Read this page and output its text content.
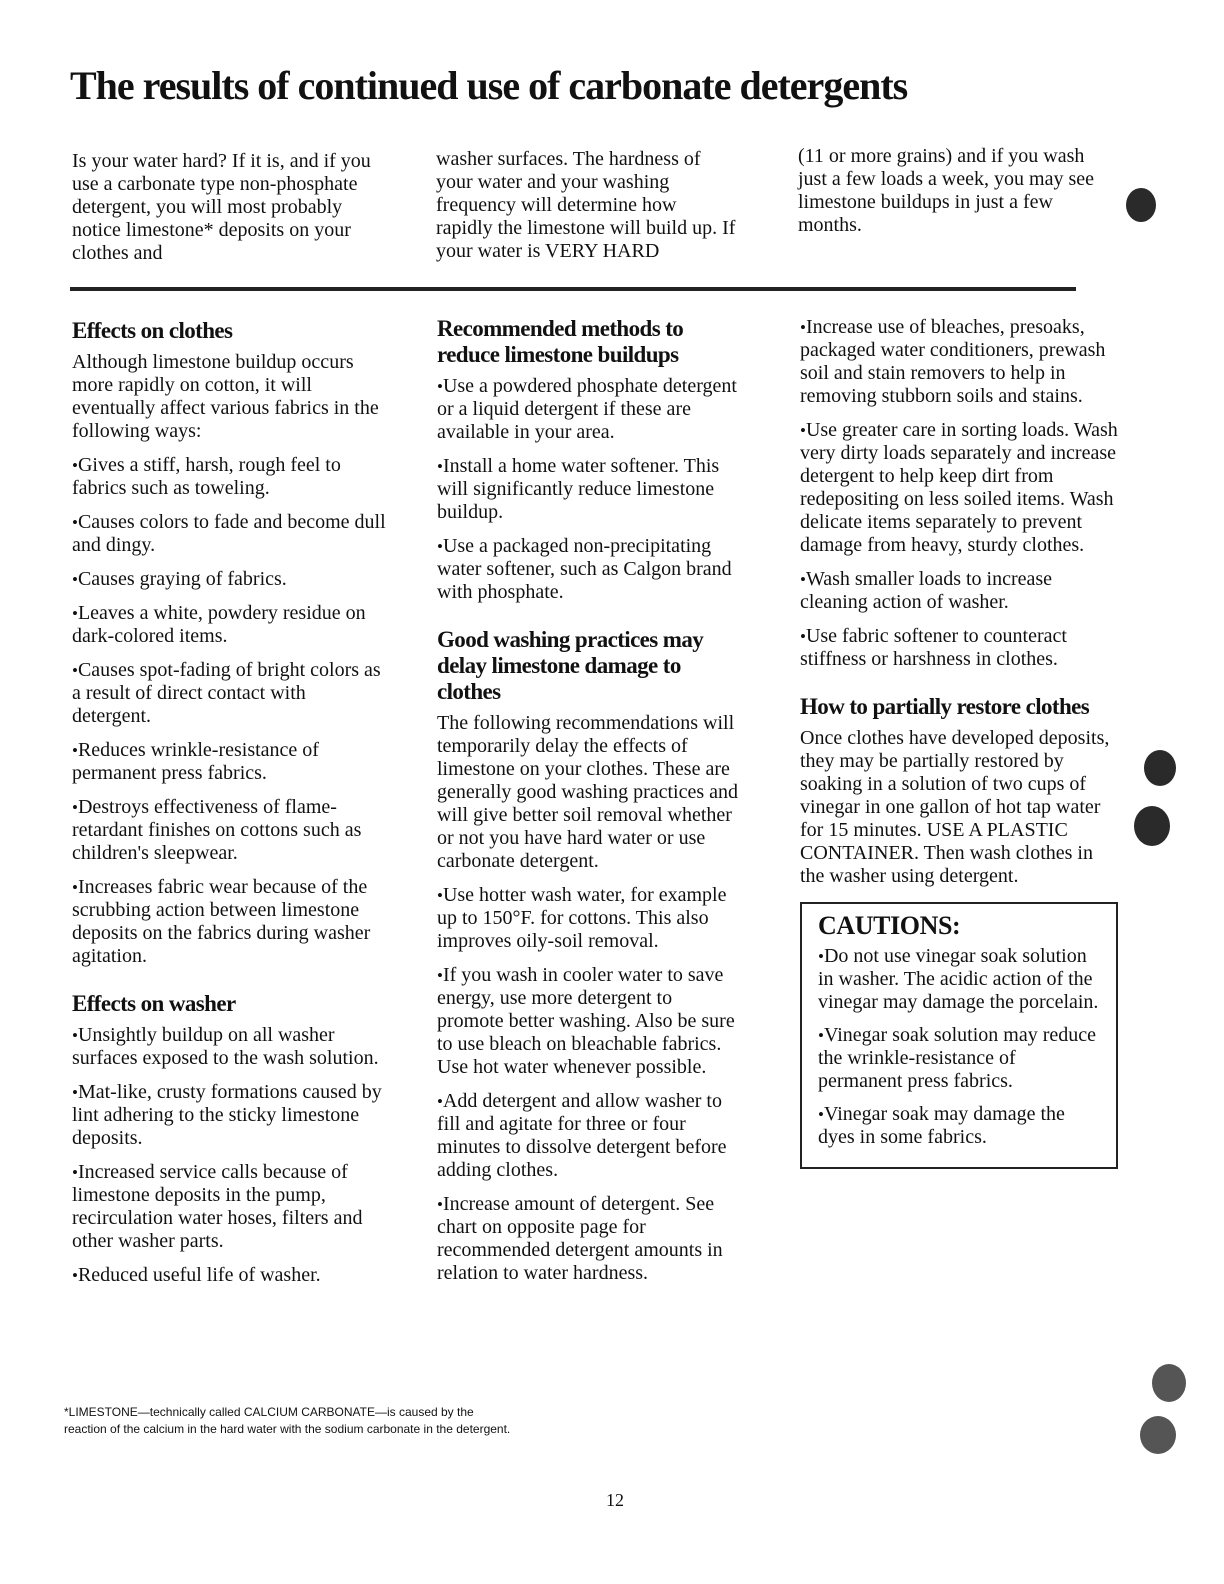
The results of continued use of carbonate detergents

Is your water hard? If it is, and if you use a carbonate type non-phosphate detergent, you will most probably notice limestone* deposits on your clothes and

washer surfaces. The hardness of your water and your washing frequency will determine how rapidly the limestone will build up. If your water is VERY HARD

(11 or more grains) and if you wash just a few loads a week, you may see limestone buildups in just a few months.

Effects on clothes

Although limestone buildup occurs more rapidly on cotton, it will eventually affect various fabrics in the following ways:

• Gives a stiff, harsh, rough feel to fabrics such as toweling.

• Causes colors to fade and become dull and dingy.

• Causes graying of fabrics.

• Leaves a white, powdery residue on dark-colored items.

• Causes spot-fading of bright colors as a result of direct contact with detergent.

• Reduces wrinkle-resistance of permanent press fabrics.

• Destroys effectiveness of flame-retardant finishes on cottons such as children's sleepwear.

• Increases fabric wear because of the scrubbing action between limestone deposits on the fabrics during washer agitation.

Effects on washer

• Unsightly buildup on all washer surfaces exposed to the wash solution.

• Mat-like, crusty formations caused by lint adhering to the sticky limestone deposits.

• Increased service calls because of limestone deposits in the pump, recirculation water hoses, filters and other washer parts.

• Reduced useful life of washer.

Recommended methods to reduce limestone buildups

• Use a powdered phosphate detergent or a liquid detergent if these are available in your area.

• Install a home water softener. This will significantly reduce limestone buildup.

• Use a packaged non-precipitating water softener, such as Calgon brand with phosphate.

Good washing practices may delay limestone damage to clothes

The following recommendations will temporarily delay the effects of limestone on your clothes. These are generally good washing practices and will give better soil removal whether or not you have hard water or use carbonate detergent.

• Use hotter wash water, for example up to 150°F. for cottons. This also improves oily-soil removal.

• If you wash in cooler water to save energy, use more detergent to promote better washing. Also be sure to use bleach on bleachable fabrics. Use hot water whenever possible.

• Add detergent and allow washer to fill and agitate for three or four minutes to dissolve detergent before adding clothes.

• Increase amount of detergent. See chart on opposite page for recommended detergent amounts in relation to water hardness.

• Increase use of bleaches, presoaks, packaged water conditioners, prewash soil and stain removers to help in removing stubborn soils and stains.

• Use greater care in sorting loads. Wash very dirty loads separately and increase detergent to help keep dirt from redepositing on less soiled items. Wash delicate items separately to prevent damage from heavy, sturdy clothes.

• Wash smaller loads to increase cleaning action of washer.

• Use fabric softener to counteract stiffness or harshness in clothes.

How to partially restore clothes

Once clothes have developed deposits, they may be partially restored by soaking in a solution of two cups of vinegar in one gallon of hot tap water for 15 minutes. USE A PLASTIC CONTAINER. Then wash clothes in the washer using detergent.

CAUTIONS:

• Do not use vinegar soak solution in washer. The acidic action of the vinegar may damage the porcelain.

• Vinegar soak solution may reduce the wrinkle-resistance of permanent press fabrics.

• Vinegar soak may damage the dyes in some fabrics.

*LIMESTONE—technically called CALCIUM CARBONATE—is caused by the
reaction of the calcium in the hard water with the sodium carbonate in the detergent.

12
